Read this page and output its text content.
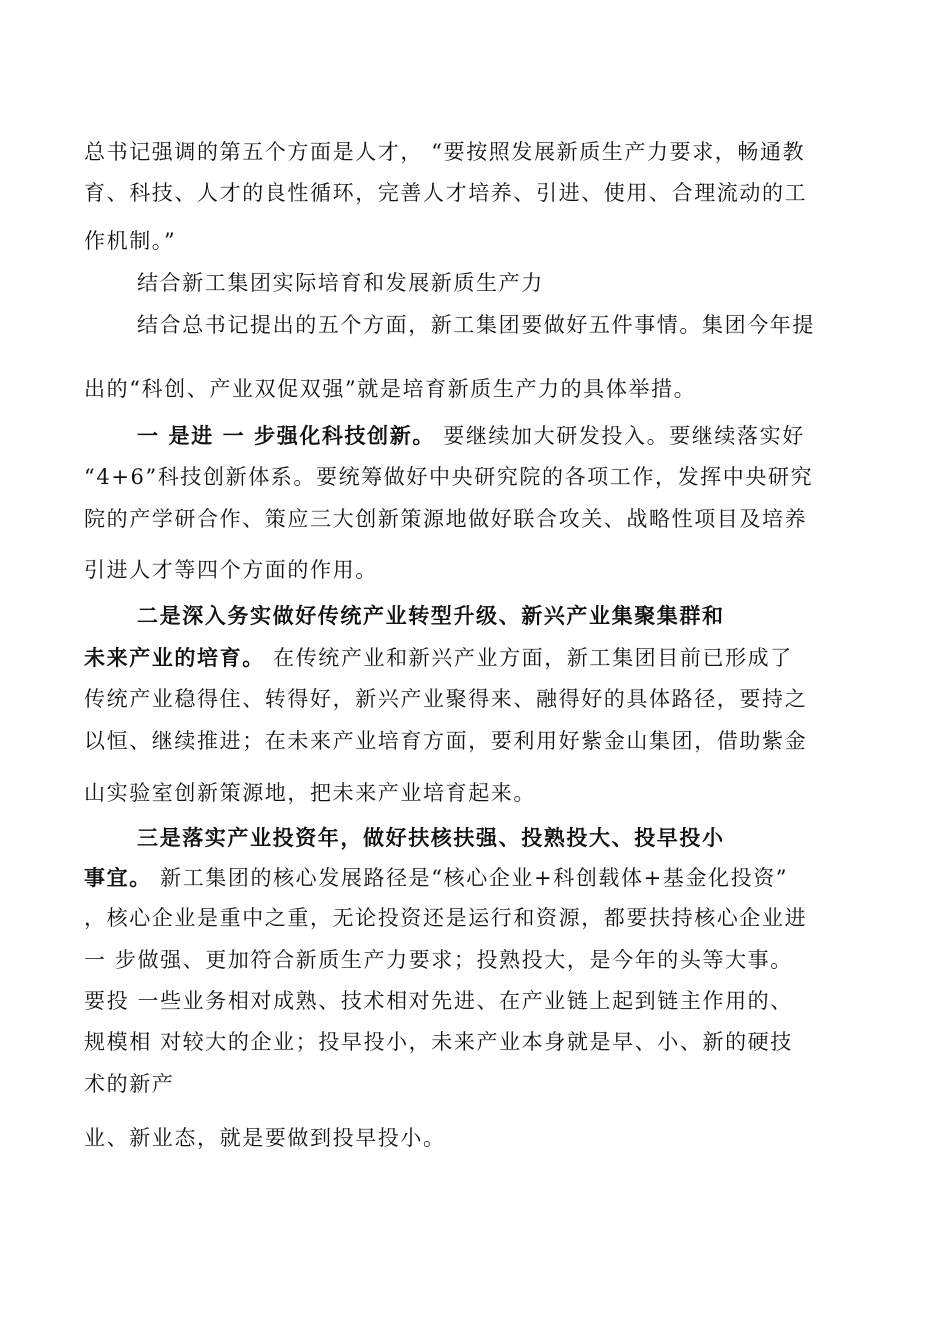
总书记强调的第五个方面是人才， “要按照发展新质生产力要求，畅通教

育、科技、人才的良性循环，完善人才培养、引进、使用、合理流动的工

作机制。”

结合新工集团实际培育和发展新质生产力

结合总书记提出的五个方面，新工集团要做好五件事情。集团今年提

出的“科创、产业双促双强”就是培育新质生产力的具体举措。

一 是进 一 步强化科技创新。 要继续加大研发投入。要继续落实好

“4+6”科技创新体系。要统筹做好中央研究院的各项工作，发挥中央研究

院的产学研合作、策应三大创新策源地做好联合攻关、战略性项目及培养

引进人才等四个方面的作用。

二是深入务实做好传统产业转型升级、新兴产业集聚集群和

未来产业的培育。 在传统产业和新兴产业方面，新工集团目前已形成了

传统产业稳得住、转得好，新兴产业聚得来、融得好的具体路径，要持之

以恒、继续推进；在未来产业培育方面，要利用好紫金山集团，借助紫金

山实验室创新策源地，把未来产业培育起来。

三是落实产业投资年，做好扶核扶强、投熟投大、投早投小

事宜。 新工集团的核心发展路径是“核心企业+科创载体+基金化投资”

，核心企业是重中之重，无论投资还是运行和资源，都要扶持核心企业进

一 步做强、更加符合新质生产力要求；投熟投大，是今年的头等大事。

要投 一些业务相对成熟、技术相对先进、在产业链上起到链主作用的、

规模相 对较大的企业；投早投小，未来产业本身就是早、小、新的硬技

术的新产

业、新业态，就是要做到投早投小。
